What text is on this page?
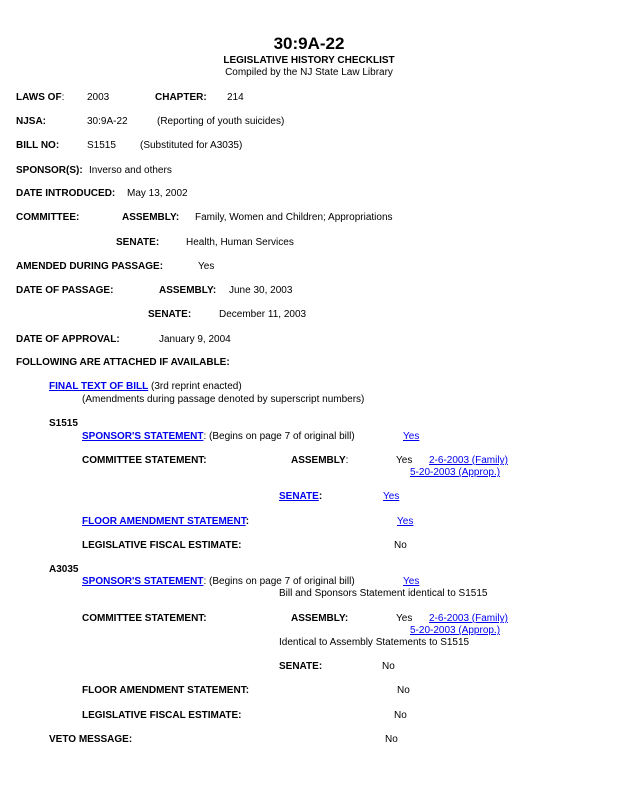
30:9A-22
LEGISLATIVE HISTORY CHECKLIST
Compiled by the NJ State Law Library
LAWS OF: 2003	CHAPTER: 214
NJSA:	30:9A-22	(Reporting of youth suicides)
BILL NO:	S1515 (Substituted for A3035)
SPONSOR(S): Inverso and others
DATE INTRODUCED: May 13, 2002
COMMITTEE:	ASSEMBLY: Family, Women and Children; Appropriations
SENATE:	Health, Human Services
AMENDED DURING PASSAGE:	Yes
DATE OF PASSAGE:	ASSEMBLY: June 30, 2003
SENATE:	December 11, 2003
DATE OF APPROVAL:	January 9, 2004
FOLLOWING ARE ATTACHED IF AVAILABLE:
FINAL TEXT OF BILL (3rd reprint enacted)
(Amendments during passage denoted by superscript numbers)
S1515
SPONSOR'S STATEMENT: (Begins on page 7 of original bill)	Yes
COMMITTEE STATEMENT:	ASSEMBLY:	Yes 2-6-2003 (Family)
5-20-2003 (Approp.)
SENATE:	Yes
FLOOR AMENDMENT STATEMENT:	Yes
LEGISLATIVE FISCAL ESTIMATE:	No
A3035
SPONSOR'S STATEMENT: (Begins on page 7 of original bill)	Yes
Bill and Sponsors Statement identical to S1515
COMMITTEE STATEMENT:	ASSEMBLY:	Yes 2-6-2003 (Family)
5-20-2003 (Approp.)
Identical to Assembly Statements to S1515
SENATE:	No
FLOOR AMENDMENT STATEMENT:	No
LEGISLATIVE FISCAL ESTIMATE:	No
VETO MESSAGE:	No
